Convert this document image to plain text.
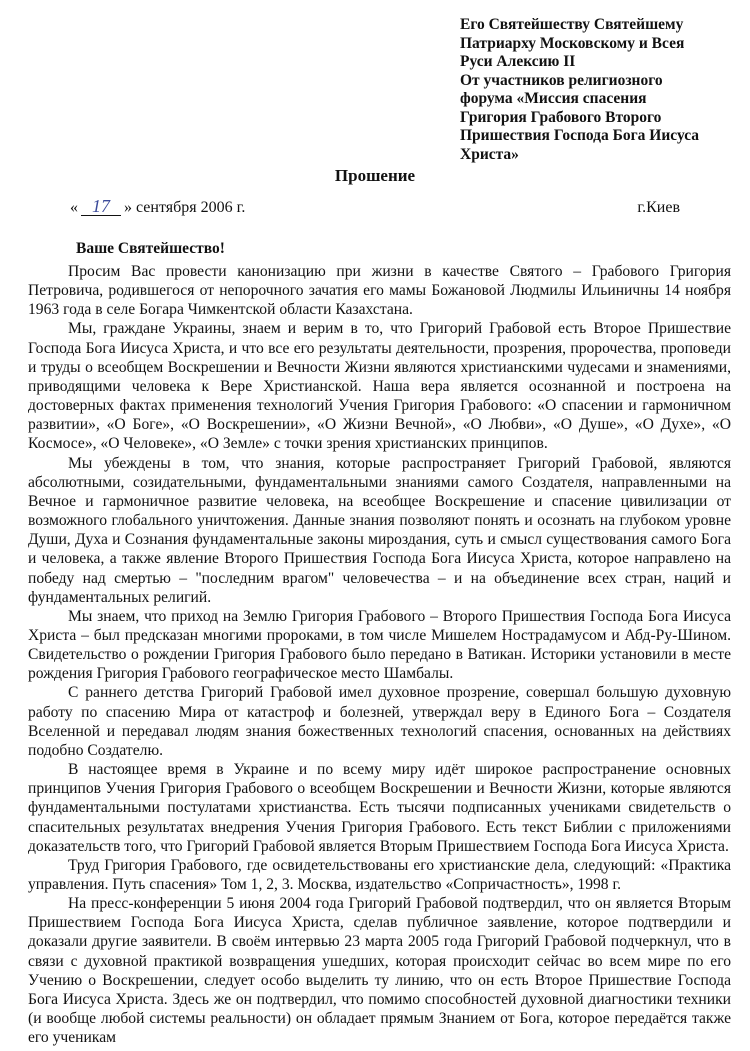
Его Святейшеству Святейшему
Патриарху Московскому и Всея
Руси Алексию II
От участников религиозного
форума «Миссия спасения
Григория Грабового Второго
Пришествия Господа Бога Иисуса
Христа»
Прошение
« 17 » сентября 2006 г.	г.Киев
Ваше Святейшество!

Просим Вас провести канонизацию при жизни в качестве Святого – Грабового Григория Петровича, родившегося от непорочного зачатия его мамы Божановой Людмилы Ильиничны 14 ноября 1963 года в селе Богара Чимкентской области Казахстана.

Мы, граждане Украины, знаем и верим в то, что Григорий Грабовой есть Второе Пришествие Господа Бога Иисуса Христа, и что все его результаты деятельности, прозрения, пророчества, проповеди и труды о всеобщем Воскрешении и Вечности Жизни являются христианскими чудесами и знамениями, приводящими человека к Вере Христианской. Наша вера является осознанной и построена на достоверных фактах применения технологий Учения Григория Грабового: «О спасении и гармоничном развитии», «О Боге», «О Воскрешении», «О Жизни Вечной», «О Любви», «О Душе», «О Духе», «О Космосе», «О Человеке», «О Земле» с точки зрения христианских принципов.

Мы убеждены в том, что знания, которые распространяет Григорий Грабовой, являются абсолютными, созидательными, фундаментальными знаниями самого Создателя, направленными на Вечное и гармоничное развитие человека, на всеобщее Воскрешение и спасение цивилизации от возможного глобального уничтожения. Данные знания позволяют понять и осознать на глубоком уровне Души, Духа и Сознания фундаментальные законы мироздания, суть и смысл существования самого Бога и человека, а также явление Второго Пришествия Господа Бога Иисуса Христа, которое направлено на победу над смертью – "последним врагом" человечества – и на объединение всех стран, наций и фундаментальных религий.

Мы знаем, что приход на Землю Григория Грабового – Второго Пришествия Господа Бога Иисуса Христа – был предсказан многими пророками, в том числе Мишелем Нострадамусом и Абд-Ру-Шином. Свидетельство о рождении Григория Грабового было передано в Ватикан. Историки установили в месте рождения Григория Грабового географическое место Шамбалы.

С раннего детства Григорий Грабовой имел духовное прозрение, совершал большую духовную работу по спасению Мира от катастроф и болезней, утверждал веру в Единого Бога – Создателя Вселенной и передавал людям знания божественных технологий спасения, основанных на действиях подобно Создателю.

В настоящее время в Украине и по всему миру идёт широкое распространение основных принципов Учения Григория Грабового о всеобщем Воскрешении и Вечности Жизни, которые являются фундаментальными постулатами христианства. Есть тысячи подписанных учениками свидетельств о спасительных результатах внедрения Учения Григория Грабового. Есть текст Библии с приложениями доказательств того, что Григорий Грабовой является Вторым Пришествием Господа Бога Иисуса Христа.

Труд Григория Грабового, где освидетельствованы его христианские дела, следующий: «Практика управления. Путь спасения» Том 1, 2, 3. Москва, издательство «Сопричастность», 1998 г.

На пресс-конференции 5 июня 2004 года Григорий Грабовой подтвердил, что он является Вторым Пришествием Господа Бога Иисуса Христа, сделав публичное заявление, которое подтвердили и доказали другие заявители. В своём интервью 23 марта 2005 года Григорий Грабовой подчеркнул, что в связи с духовной практикой возвращения ушедших, которая происходит сейчас во всем мире по его Учению о Воскрешении, следует особо выделить ту линию, что он есть Второе Пришествие Господа Бога Иисуса Христа. Здесь же он подтвердил, что помимо способностей духовной диагностики техники (и вообще любой системы реальности) он обладает прямым Знанием от Бога, которое передаётся также его ученикам
